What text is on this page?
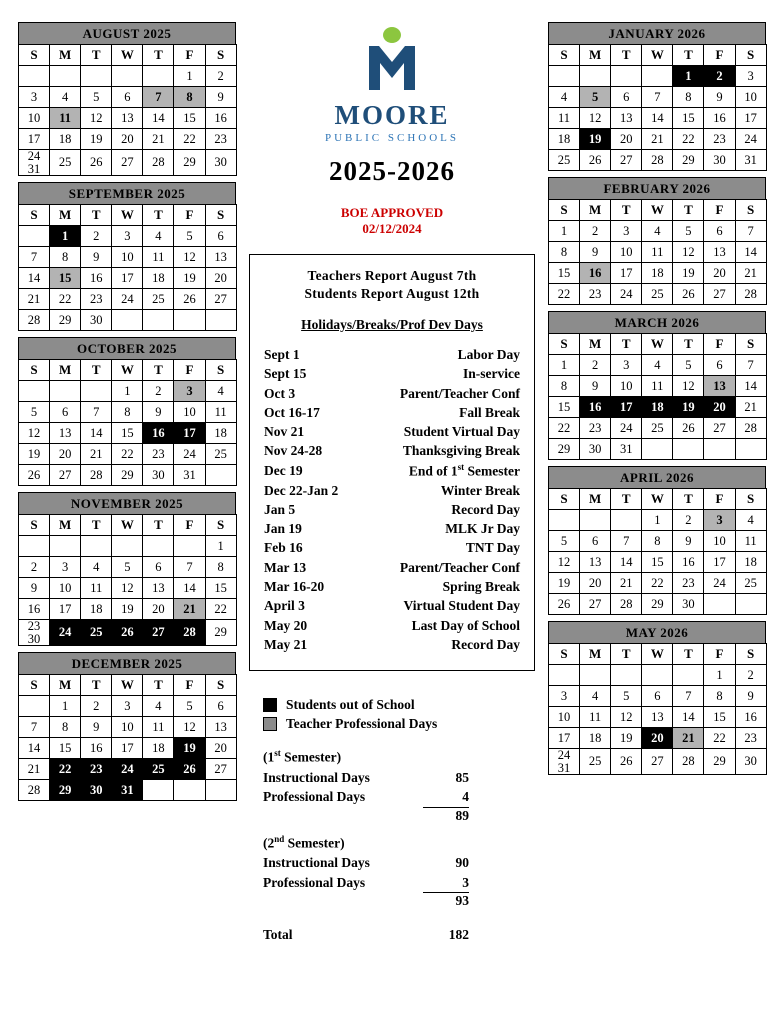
AUGUST 2025
S	M	T	W	T	F	S
					1	2
3	4	5	6	7	8	9
10	11	12	13	14	15	16
17	18	19	20	21	22	23

24
31	25	26	27	28	29	30
SEPTEMBER 2025
S	M	T	W	T	F	S
	1	2	3	4	5	6
7	8	9	10	11	12	13
14	15	16	17	18	19	20
21	22	23	24	25	26	27
28	29	30				
OCTOBER 2025
S	M	T	W	T	F	S
			1	2	3	4
5	6	7	8	9	10	11
12	13	14	15	16	17	18
19	20	21	22	23	24	25
26	27	28	29	30	31	
NOVEMBER 2025
S	M	T	W	T	F	S
						1
2	3	4	5	6	7	8
9	10	11	12	13	14	15
16	17	18	19	20	21	22

23
30	24	25	26	27	28	29
DECEMBER 2025
S	M	T	W	T	F	S
	1	2	3	4	5	6
7	8	9	10	11	12	13
14	15	16	17	18	19	20
21	22	23	24	25	26	27
28	29	30	31			
MOORE
PUBLIC SCHOOLS
2025-2026
BOE APPROVED
02/12/2024
Teachers Report August 7th
Students Report August 12th
Holidays/Breaks/Prof Dev Days
Sept 1	Labor Day
Sept 15	In-service
Oct 3	Parent/Teacher Conf
Oct 16-17	Fall Break
Nov 21	Student Virtual Day
Nov 24-28	Thanksgiving Break
Dec 19	End of 1st Semester
Dec 22-Jan 2	Winter Break
Jan 5	Record Day
Jan 19	MLK Jr Day
Feb 16	TNT Day
Mar 13	Parent/Teacher Conf
Mar 16-20	Spring Break
April 3	Virtual Student Day
May 20	Last Day of School
May 21	Record Day
Students out of School
Teacher Professional Days
(1st Semester)
Instructional Days	85
Professional Days	4
89
(2nd Semester)
Instructional Days	90
Professional Days	3
93
Total	182
JANUARY 2026
S	M	T	W	T	F	S
				1	2	3
4	5	6	7	8	9	10
11	12	13	14	15	16	17
18	19	20	21	22	23	24
25	26	27	28	29	30	31
FEBRUARY 2026
S	M	T	W	T	F	S
1	2	3	4	5	6	7
8	9	10	11	12	13	14
15	16	17	18	19	20	21
22	23	24	25	26	27	28
MARCH 2026
S	M	T	W	T	F	S
1	2	3	4	5	6	7
8	9	10	11	12	13	14
15	16	17	18	19	20	21
22	23	24	25	26	27	28
29	30	31				
APRIL 2026
S	M	T	W	T	F	S
			1	2	3	4
5	6	7	8	9	10	11
12	13	14	15	16	17	18
19	20	21	22	23	24	25
26	27	28	29	30		
MAY 2026
S	M	T	W	T	F	S
					1	2
3	4	5	6	7	8	9
10	11	12	13	14	15	16
17	18	19	20	21	22	23

24
31	25	26	27	28	29	30
